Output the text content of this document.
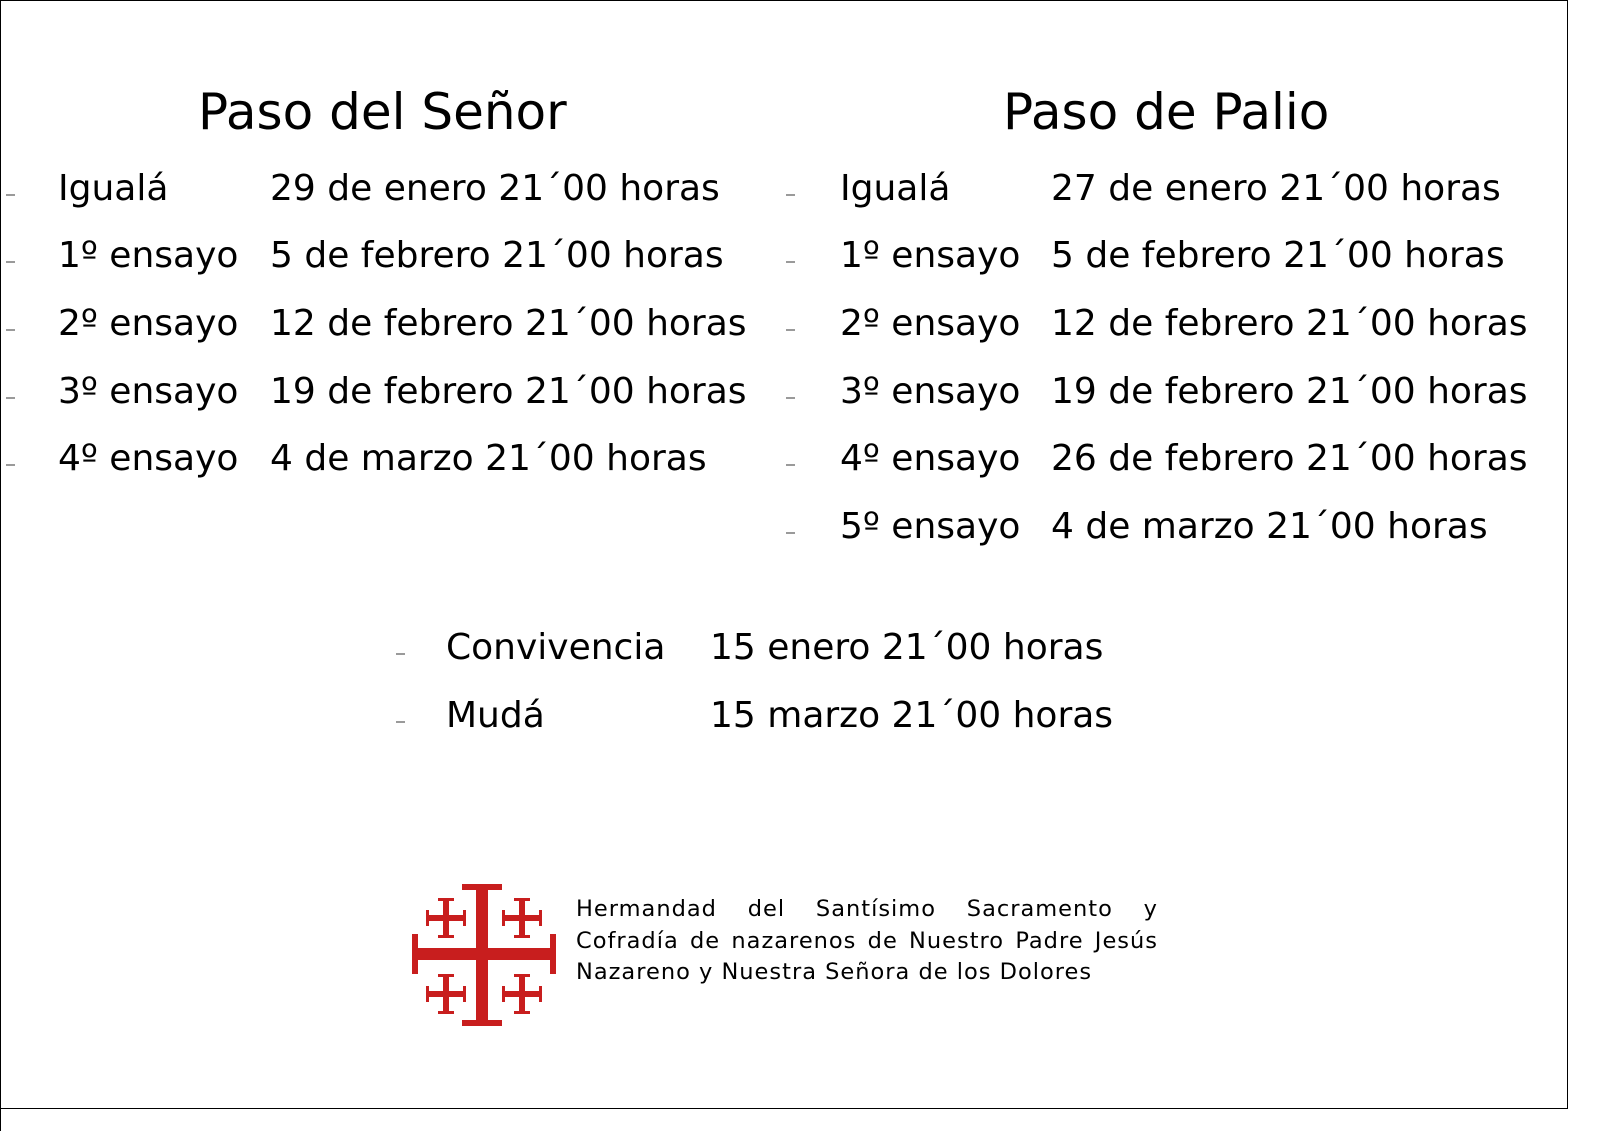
Paso del Señor
Igualá	29 de enero 21´00 horas
1º ensayo 5 de febrero 21´00 horas
2º ensayo 12 de febrero 21´00 horas
3º ensayo 19 de febrero 21´00 horas
4º ensayo 4 de marzo 21´00 horas
Paso de Palio
Igualá	27 de enero 21´00 horas
1º ensayo 5 de febrero 21´00 horas
2º ensayo 12 de febrero 21´00 horas
3º ensayo 19 de febrero 21´00 horas
4º ensayo 26 de febrero 21´00 horas
5º ensayo 4 de marzo 21´00 horas
Convivencia 15 enero 21´00 horas
Mudá	15 marzo 21´00 horas

Hermandad del Santísimo Sacramento y Cofradía de nazarenos de Nuestro Padre Jesús Nazareno y Nuestra Señora de los Dolores
